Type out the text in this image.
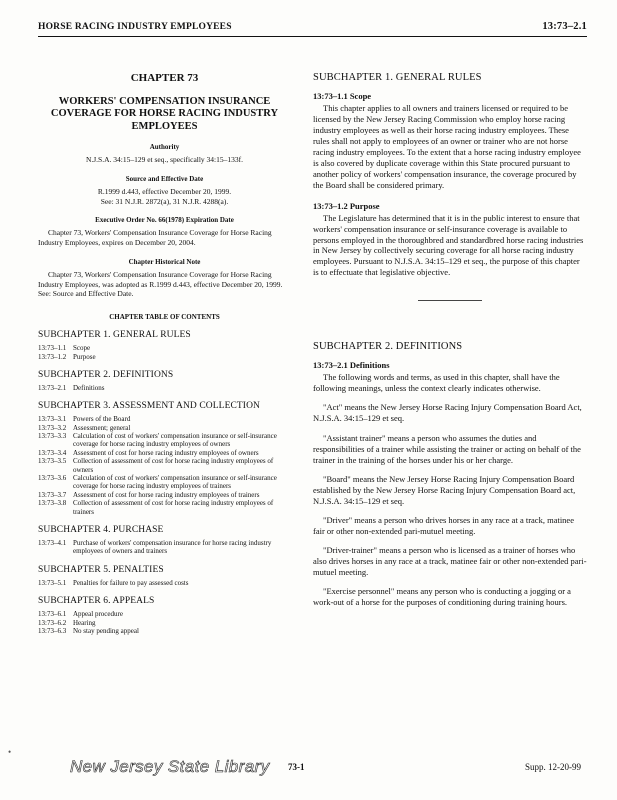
HORSE RACING INDUSTRY EMPLOYEES	13:73–2.1
CHAPTER 73
WORKERS' COMPENSATION INSURANCE COVERAGE FOR HORSE RACING INDUSTRY EMPLOYEES
Authority
N.J.S.A. 34:15–129 et seq., specifically 34:15–133f.
Source and Effective Date
R.1999 d.443, effective December 20, 1999.
See: 31 N.J.R. 2872(a), 31 N.J.R. 4288(a).
Executive Order No. 66(1978) Expiration Date
Chapter 73, Workers' Compensation Insurance Coverage for Horse Racing Industry Employees, expires on December 20, 2004.
Chapter Historical Note
Chapter 73, Workers' Compensation Insurance Coverage for Horse Racing Industry Employees, was adopted as R.1999 d.443, effective December 20, 1999. See: Source and Effective Date.
CHAPTER TABLE OF CONTENTS
SUBCHAPTER 1. GENERAL RULES
13:73–1.1 Scope
13:73–1.2 Purpose
SUBCHAPTER 2. DEFINITIONS
13:73–2.1 Definitions
SUBCHAPTER 3. ASSESSMENT AND COLLECTION
13:73–3.1 Powers of the Board
13:73–3.2 Assessment; general
13:73–3.3 Calculation of cost of workers' compensation insurance or self-insurance coverage for horse racing industry employees of owners
13:73–3.4 Assessment of cost for horse racing industry employees of owners
13:73–3.5 Collection of assessment of cost for horse racing industry employees of owners
13:73–3.6 Calculation of cost of workers' compensation insurance or self-insurance coverage for horse racing industry employees of trainers
13:73–3.7 Assessment of cost for horse racing industry employees of trainers
13:73–3.8 Collection of assessment of cost for horse racing industry employees of trainers
SUBCHAPTER 4. PURCHASE
13:73–4.1 Purchase of workers' compensation insurance for horse racing industry employees of owners and trainers
SUBCHAPTER 5. PENALTIES
13:73–5.1 Penalties for failure to pay assessed costs
SUBCHAPTER 6. APPEALS
13:73–6.1 Appeal procedure
13:73–6.2 Hearing
13:73–6.3 No stay pending appeal
SUBCHAPTER 1. GENERAL RULES
13:73–1.1 Scope

This chapter applies to all owners and trainers licensed or required to be licensed by the New Jersey Racing Commission who employ horse racing industry employees as well as their horse racing industry employees. These rules shall not apply to employees of an owner or trainer who are not horse racing industry employees. To the extent that a horse racing industry employee is also covered by duplicate coverage within this State procured pursuant to another policy of workers' compensation insurance, the coverage procured by the Board shall be considered primary.

13:73–1.2 Purpose

The Legislature has determined that it is in the public interest to ensure that workers' compensation insurance or self-insurance coverage is available to persons employed in the thoroughbred and standardbred horse racing industries in New Jersey by collectively securing coverage for all horse racing industry employees. Pursuant to N.J.S.A. 34:15–129 et seq., the purpose of this chapter is to effectuate that legislative objective.

SUBCHAPTER 2. DEFINITIONS
13:73–2.1 Definitions

The following words and terms, as used in this chapter, shall have the following meanings, unless the context clearly indicates otherwise.

"Act" means the New Jersey Horse Racing Injury Compensation Board Act, N.J.S.A. 34:15–129 et seq.

"Assistant trainer" means a person who assumes the duties and responsibilities of a trainer while assisting the trainer or acting on behalf of the trainer in the training of the horses under his or her charge.

"Board" means the New Jersey Horse Racing Injury Compensation Board established by the New Jersey Horse Racing Injury Compensation Board act, N.J.S.A. 34:15–129 et seq.

"Driver" means a person who drives horses in any race at a track, matinee fair or other non-extended pari-mutuel meeting.

"Driver-trainer" means a person who is licensed as a trainer of horses who also drives horses in any race at a track, matinee fair or other non-extended pari-mutuel meeting.

"Exercise personnel" means any person who is conducting a jogging or a work-out of a horse for the purposes of conditioning during training hours.

•
New Jersey State Library 73-1	Supp. 12-20-99
